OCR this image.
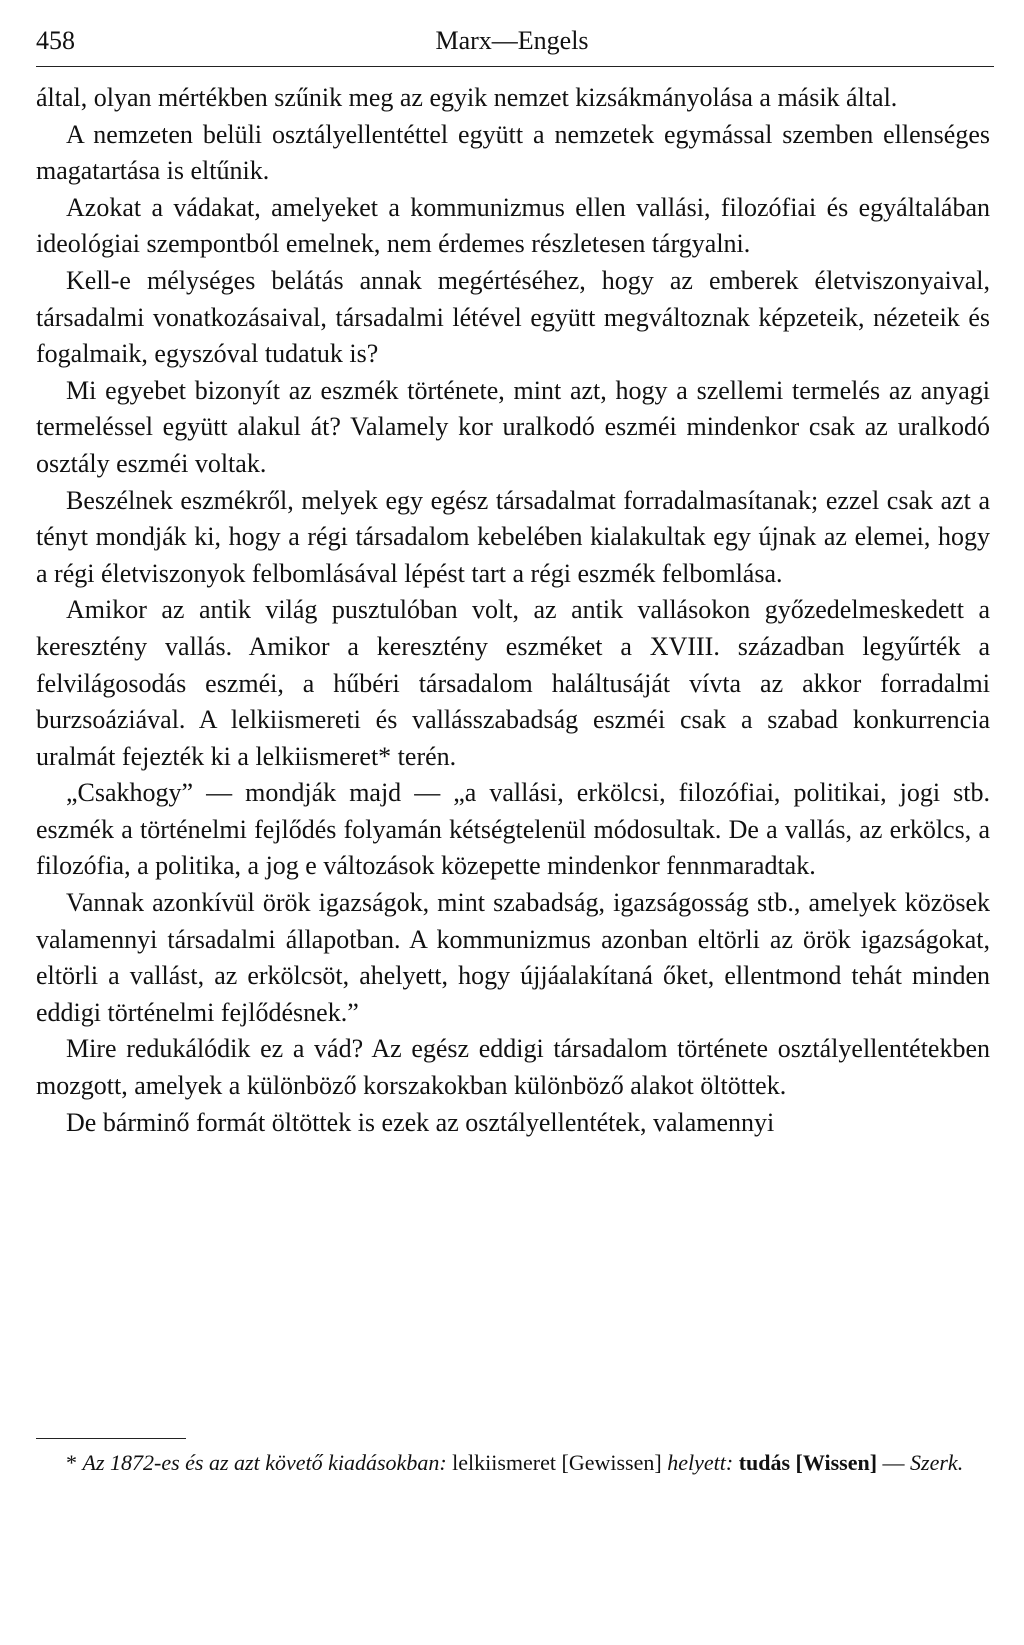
458	Marx—Engels

által, olyan mértékben szűnik meg az egyik nemzet kizsákmányolása a másik által.

A nemzeten belüli osztályellentéttel együtt a nemzetek egymással szemben ellenséges magatartása is eltűnik.

Azokat a vádakat, amelyeket a kommunizmus ellen vallási, filozófiai és egyáltalában ideológiai szempontból emelnek, nem érdemes részletesen tárgyalni.

Kell-e mélységes belátás annak megértéséhez, hogy az emberek életviszonyaival, társadalmi vonatkozásaival, társadalmi létével együtt megváltoznak képzeteik, nézeteik és fogalmaik, egyszóval tudatuk is?

Mi egyebet bizonyít az eszmék története, mint azt, hogy a szellemi termelés az anyagi termeléssel együtt alakul át? Valamely kor uralkodó eszméi mindenkor csak az uralkodó osztály eszméi voltak.

Beszélnek eszmékről, melyek egy egész társadalmat forradalmasítanak; ezzel csak azt a tényt mondják ki, hogy a régi társadalom kebelében kialakultak egy újnak az elemei, hogy a régi életviszonyok felbomlásával lépést tart a régi eszmék felbomlása.

Amikor az antik világ pusztulóban volt, az antik vallásokon győzedelmeskedett a keresztény vallás. Amikor a keresztény eszméket a XVIII. században legyűrték a felvilágosodás eszméi, a hűbéri társadalom haláltusáját vívta az akkor forradalmi burzsoáziával. A lelkiismereti és vallásszabadság eszméi csak a szabad konkurrencia uralmát fejezték ki a lelkiismeret* terén.

„Csakhogy” — mondják majd — „a vallási, erkölcsi, filozófiai, politikai, jogi stb. eszmék a történelmi fejlődés folyamán kétségtelenül módosultak. De a vallás, az erkölcs, a filozófia, a politika, a jog e változások közepette mindenkor fennmaradtak.

Vannak azonkívül örök igazságok, mint szabadság, igazságosság stb., amelyek közösek valamennyi társadalmi állapotban. A kommunizmus azonban eltörli az örök igazságokat, eltörli a vallást, az erkölcsöt, ahelyett, hogy újjáalakítaná őket, ellentmond tehát minden eddigi történelmi fejlődésnek.”

Mire redukálódik ez a vád? Az egész eddigi társadalom története osztályellentétekben mozgott, amelyek a különböző korszakokban különböző alakot öltöttek.

De bárminő formát öltöttek is ezek az osztályellentétek, valamennyi

* Az 1872-es és az azt követő kiadásokban: lelkiismeret [Gewissen] helyett: tudás [Wissen] — Szerk.
